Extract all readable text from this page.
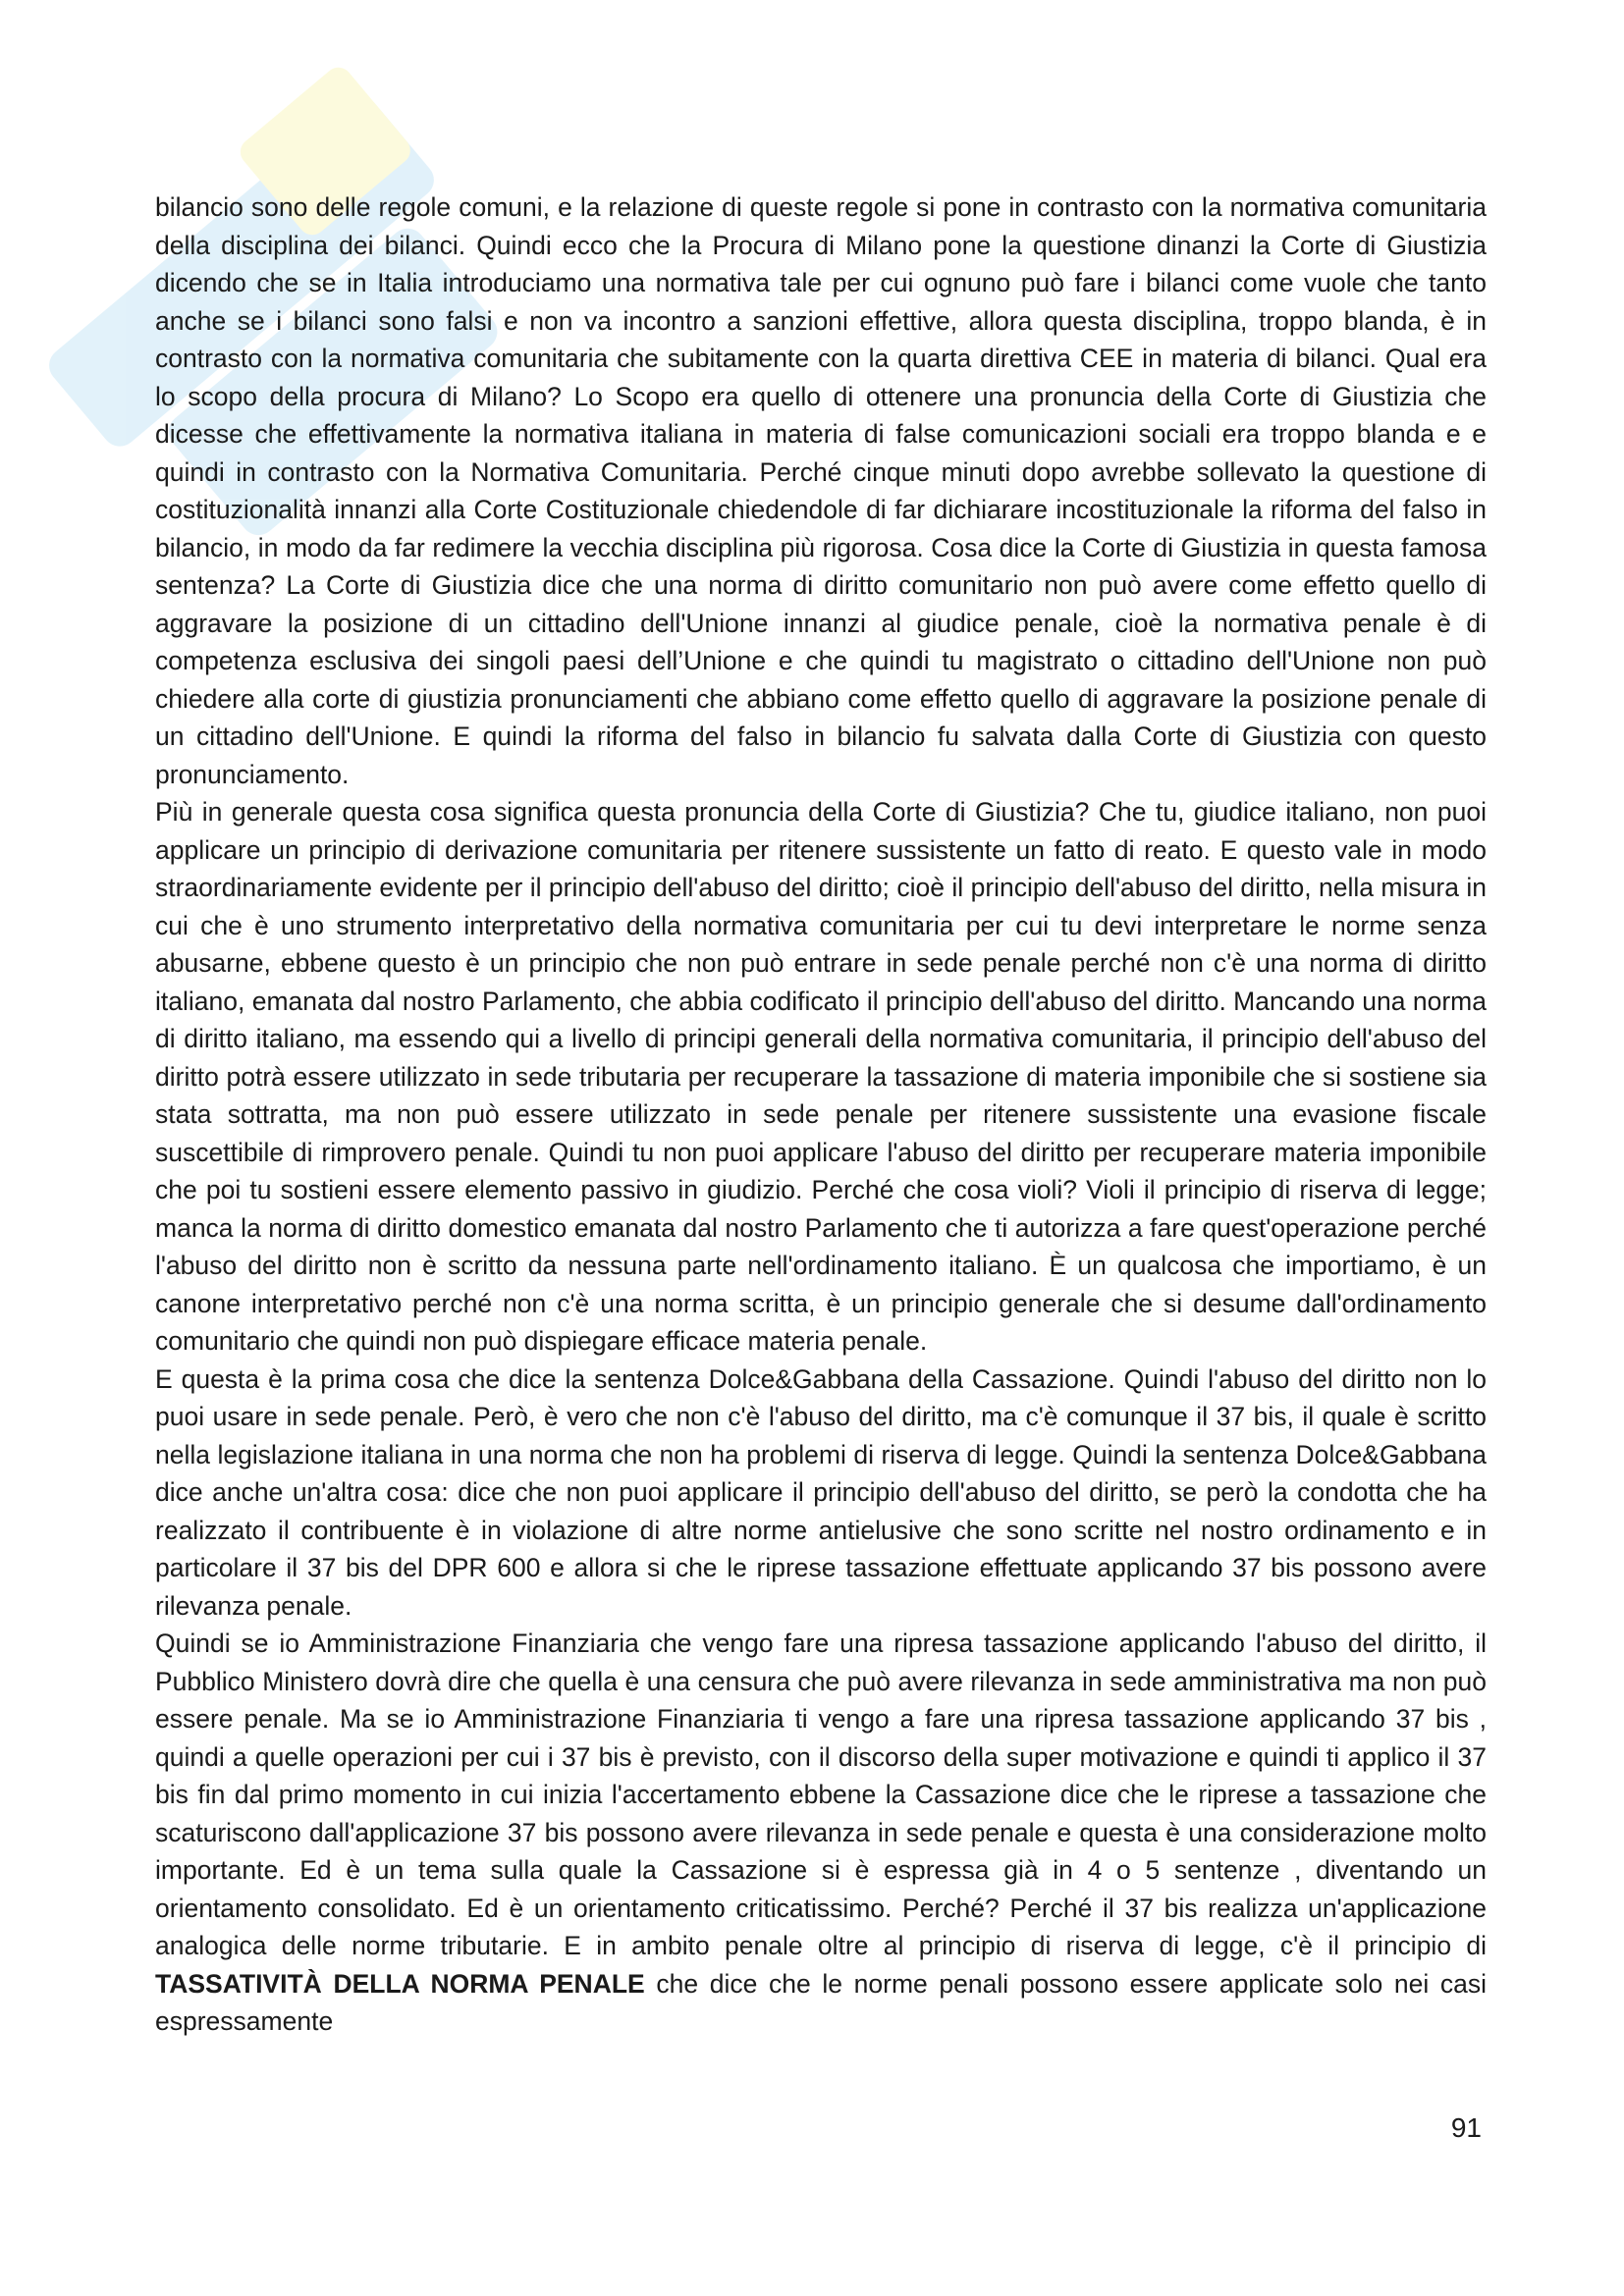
bilancio sono delle regole comuni, e la relazione di queste regole si pone in contrasto con la normativa comunitaria della disciplina dei bilanci. Quindi ecco che la Procura di Milano pone la questione dinanzi la Corte di Giustizia dicendo che se in Italia introduciamo una normativa tale per cui ognuno può fare i bilanci come vuole che tanto anche se i bilanci sono falsi e non va incontro a sanzioni effettive, allora questa disciplina, troppo blanda, è in contrasto con la normativa comunitaria che subitamente con la quarta direttiva CEE in materia di bilanci. Qual era lo scopo della procura di Milano? Lo Scopo era quello di ottenere una pronuncia della Corte di Giustizia che dicesse che effettivamente la normativa italiana in materia di false comunicazioni sociali era troppo blanda e e quindi in contrasto con la Normativa Comunitaria. Perché cinque minuti dopo avrebbe sollevato la questione di costituzionalità innanzi alla Corte Costituzionale chiedendole di far dichiarare incostituzionale la riforma del falso in bilancio, in modo da far redimere la vecchia disciplina più rigorosa. Cosa dice la Corte di Giustizia in questa famosa sentenza? La Corte di Giustizia dice che una norma di diritto comunitario non può avere come effetto quello di aggravare la posizione di un cittadino dell'Unione innanzi al giudice penale, cioè la normativa penale è di competenza esclusiva dei singoli paesi dell’Unione e che quindi tu magistrato o cittadino dell'Unione non può chiedere alla corte di giustizia pronunciamenti che abbiano come effetto quello di aggravare la posizione penale di un cittadino dell'Unione. E quindi la riforma del falso in bilancio fu salvata dalla Corte di Giustizia con questo pronunciamento.

Più in generale questa cosa significa questa pronuncia della Corte di Giustizia? Che tu, giudice italiano, non puoi applicare un principio di derivazione comunitaria per ritenere sussistente un fatto di reato. E questo vale in modo straordinariamente evidente per il principio dell'abuso del diritto; cioè il principio dell'abuso del diritto, nella misura in cui che è uno strumento interpretativo della normativa comunitaria per cui tu devi interpretare le norme senza abusarne, ebbene questo è un principio che non può entrare in sede penale perché non c'è una norma di diritto italiano, emanata dal nostro Parlamento, che abbia codificato il principio dell'abuso del diritto. Mancando una norma di diritto italiano, ma essendo qui a livello di principi generali della normativa comunitaria, il principio dell'abuso del diritto potrà essere utilizzato in sede tributaria per recuperare la tassazione di materia imponibile che si sostiene sia stata sottratta, ma non può essere utilizzato in sede penale per ritenere sussistente una evasione fiscale suscettibile di rimprovero penale. Quindi tu non puoi applicare l'abuso del diritto per recuperare materia imponibile che poi tu sostieni essere elemento passivo in giudizio. Perché che cosa violi? Violi il principio di riserva di legge; manca la norma di diritto domestico emanata dal nostro Parlamento che ti autorizza a fare quest'operazione perché l'abuso del diritto non è scritto da nessuna parte nell'ordinamento italiano. È un qualcosa che importiamo, è un canone interpretativo perché non c'è una norma scritta, è un principio generale che si desume dall'ordinamento comunitario che quindi non può dispiegare efficace materia penale.

E questa è la prima cosa che dice la sentenza Dolce&Gabbana della Cassazione. Quindi l'abuso del diritto non lo puoi usare in sede penale. Però, è vero che non c'è l'abuso del diritto, ma c'è comunque il 37 bis, il quale è scritto nella legislazione italiana in una norma che non ha problemi di riserva di legge. Quindi la sentenza Dolce&Gabbana dice anche un'altra cosa: dice che non puoi applicare il principio dell'abuso del diritto, se però la condotta che ha realizzato il contribuente è in violazione di altre norme antielusive che sono scritte nel nostro ordinamento e in particolare il 37 bis del DPR 600 e allora si che le riprese tassazione effettuate applicando 37 bis possono avere rilevanza penale.

Quindi se io Amministrazione Finanziaria che vengo fare una ripresa tassazione applicando l'abuso del diritto, il Pubblico Ministero dovrà dire che quella è una censura che può avere rilevanza in sede amministrativa ma non può essere penale. Ma se io Amministrazione Finanziaria ti vengo a fare una ripresa tassazione applicando 37 bis , quindi a quelle operazioni per cui i 37 bis è previsto, con il discorso della super motivazione e quindi ti applico il 37 bis fin dal primo momento in cui inizia l'accertamento ebbene la Cassazione dice che le riprese a tassazione che scaturiscono dall'applicazione 37 bis possono avere rilevanza in sede penale e questa è una considerazione molto importante. Ed è un tema sulla quale la Cassazione si è espressa già in 4 o 5 sentenze , diventando un orientamento consolidato. Ed è un orientamento criticatissimo. Perché? Perché il 37 bis realizza un'applicazione analogica delle norme tributarie. E in ambito penale oltre al principio di riserva di legge, c'è il principio di TASSATIVITÀ DELLA NORMA PENALE che dice che le norme penali possono essere applicate solo nei casi espressamente

91
